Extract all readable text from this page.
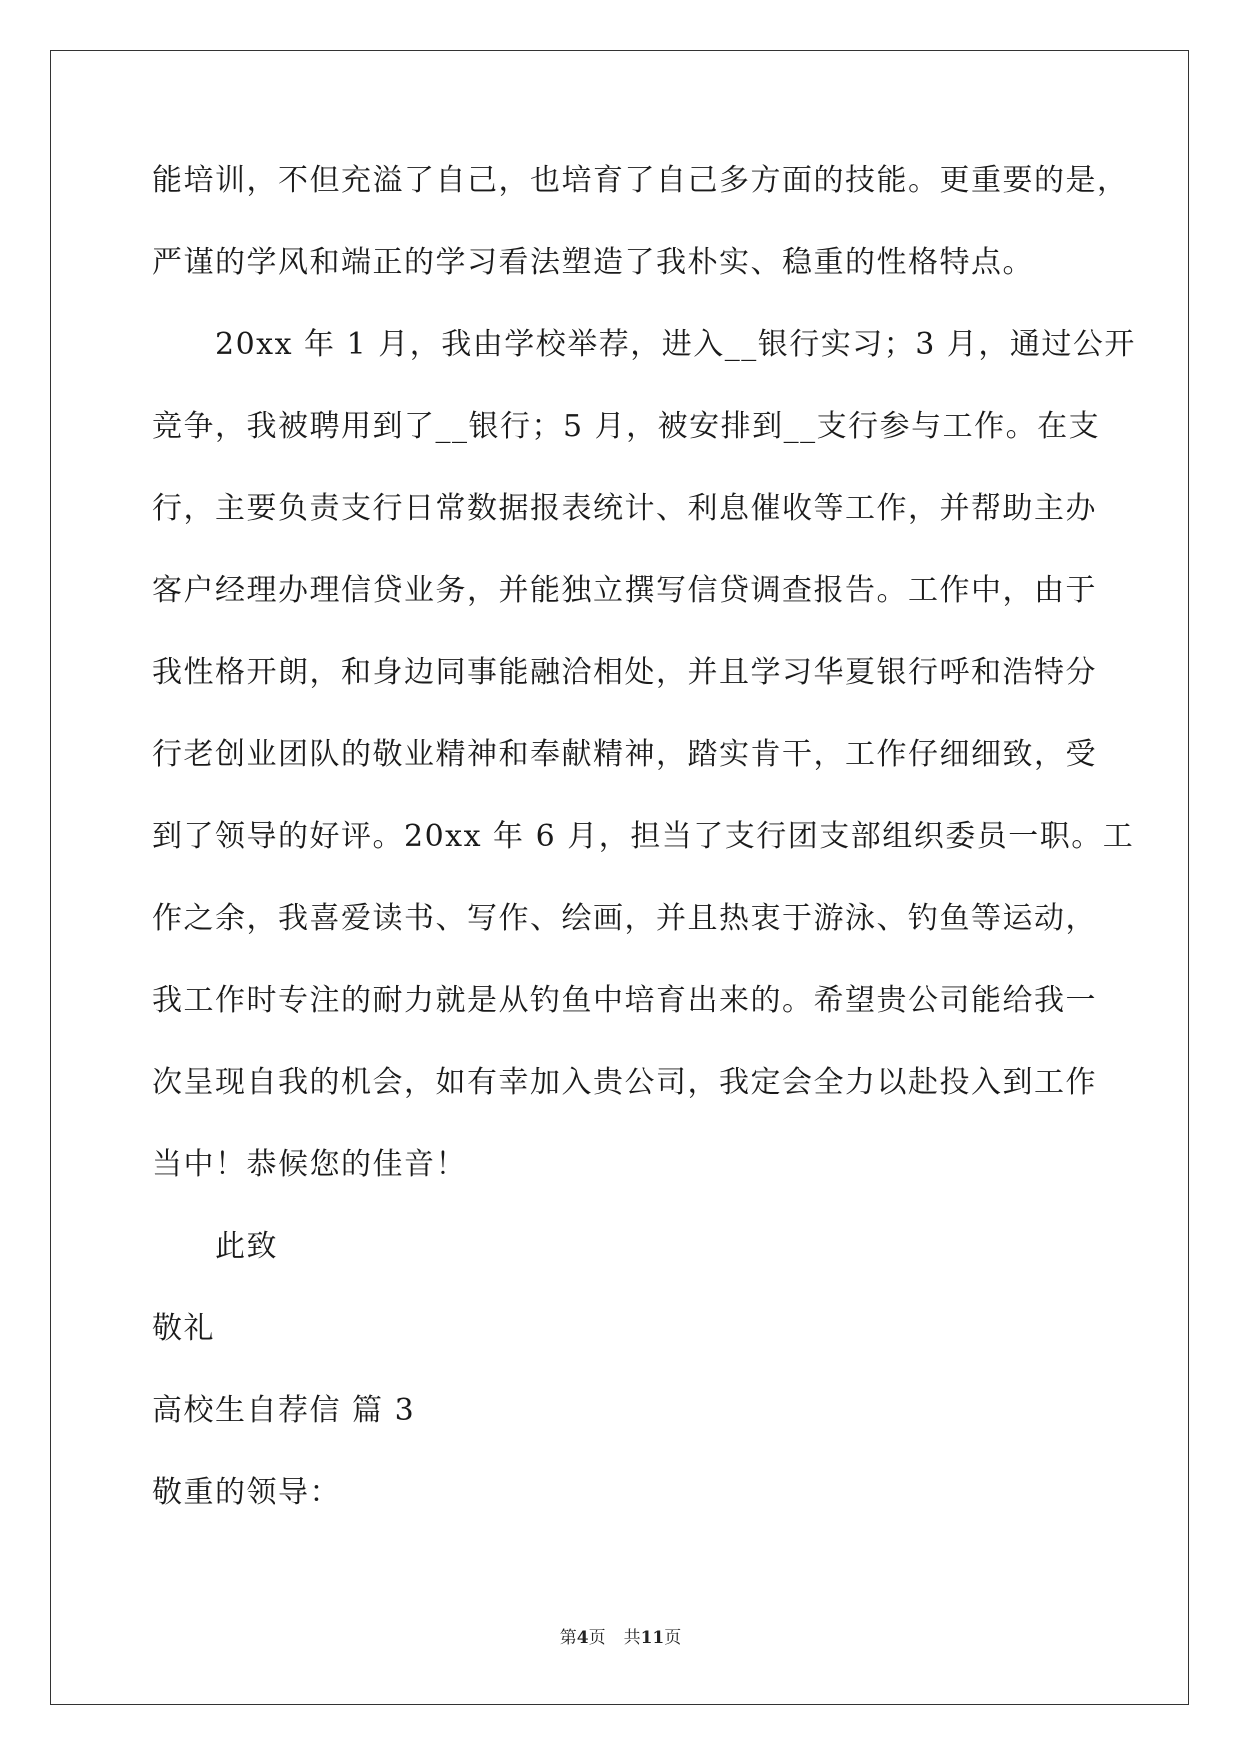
能培训，不但充溢了自己，也培育了自己多方面的技能。更重要的是，
严谨的学风和端正的学习看法塑造了我朴实、稳重的性格特点。
20xx 年 1 月，我由学校举荐，进入__银行实习；3 月，通过公开
竞争，我被聘用到了__银行；5 月，被安排到__支行参与工作。在支
行，主要负责支行日常数据报表统计、利息催收等工作，并帮助主办
客户经理办理信贷业务，并能独立撰写信贷调查报告。工作中，由于
我性格开朗，和身边同事能融洽相处，并且学习华夏银行呼和浩特分
行老创业团队的敬业精神和奉献精神，踏实肯干，工作仔细细致，受
到了领导的好评。20xx 年 6 月，担当了支行团支部组织委员一职。工
作之余，我喜爱读书、写作、绘画，并且热衷于游泳、钓鱼等运动，
我工作时专注的耐力就是从钓鱼中培育出来的。希望贵公司能给我一
次呈现自我的机会，如有幸加入贵公司，我定会全力以赴投入到工作
当中！恭候您的佳音！
此致
敬礼
高校生自荐信 篇 3
敬重的领导：
第4页 共11页
